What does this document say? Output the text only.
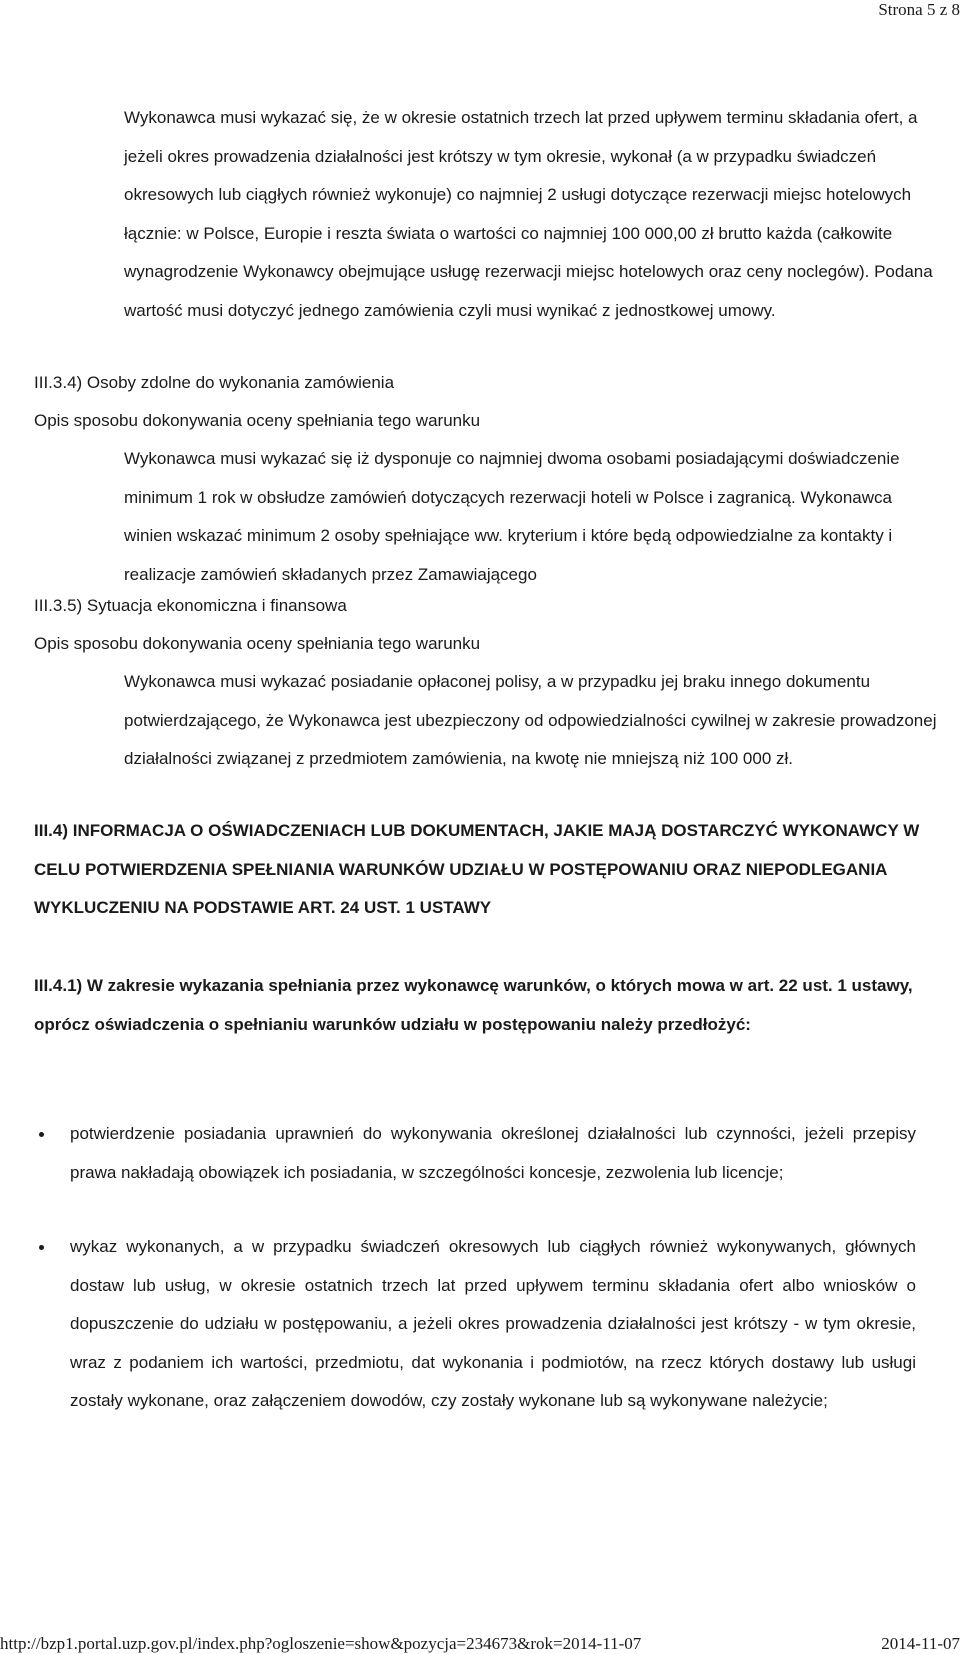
Strona 5 z 8

Wykonawca musi wykazać się, że w okresie ostatnich trzech lat przed upływem terminu składania ofert, a jeżeli okres prowadzenia działalności jest krótszy w tym okresie, wykonał (a w przypadku świadczeń okresowych lub ciągłych również wykonuje) co najmniej 2 usługi dotyczące rezerwacji miejsc hotelowych łącznie: w Polsce, Europie i reszta świata o wartości co najmniej 100 000,00 zł brutto każda (całkowite wynagrodzenie Wykonawcy obejmujące usługę rezerwacji miejsc hotelowych oraz ceny noclegów). Podana wartość musi dotyczyć jednego zamówienia czyli musi wynikać z jednostkowej umowy.

III.3.4) Osoby zdolne do wykonania zamówienia

Opis sposobu dokonywania oceny spełniania tego warunku

Wykonawca musi wykazać się iż dysponuje co najmniej dwoma osobami posiadającymi doświadczenie minimum 1 rok w obsłudze zamówień dotyczących rezerwacji hoteli w Polsce i zagranicą. Wykonawca winien wskazać minimum 2 osoby spełniające ww. kryterium i które będą odpowiedzialne za kontakty i realizacje zamówień składanych przez Zamawiającego

III.3.5) Sytuacja ekonomiczna i finansowa

Opis sposobu dokonywania oceny spełniania tego warunku

Wykonawca musi wykazać posiadanie opłaconej polisy, a w przypadku jej braku innego dokumentu potwierdzającego, że Wykonawca jest ubezpieczony od odpowiedzialności cywilnej w zakresie prowadzonej działalności związanej z przedmiotem zamówienia, na kwotę nie mniejszą niż 100 000 zł.

III.4) INFORMACJA O OŚWIADCZENIACH LUB DOKUMENTACH, JAKIE MAJĄ DOSTARCZYĆ WYKONAWCY W CELU POTWIERDZENIA SPEŁNIANIA WARUNKÓW UDZIAŁU W POSTĘPOWANIU ORAZ NIEPODLEGANIA WYKLUCZENIU NA PODSTAWIE ART. 24 UST. 1 USTAWY

III.4.1) W zakresie wykazania spełniania przez wykonawcę warunków, o których mowa w art. 22 ust. 1 ustawy, oprócz oświadczenia o spełnianiu warunków udziału w postępowaniu należy przedłożyć:

potwierdzenie posiadania uprawnień do wykonywania określonej działalności lub czynności, jeżeli przepisy prawa nakładają obowiązek ich posiadania, w szczególności koncesje, zezwolenia lub licencje;
wykaz wykonanych, a w przypadku świadczeń okresowych lub ciągłych również wykonywanych, głównych dostaw lub usług, w okresie ostatnich trzech lat przed upływem terminu składania ofert albo wniosków o dopuszczenie do udziału w postępowaniu, a jeżeli okres prowadzenia działalności jest krótszy - w tym okresie, wraz z podaniem ich wartości, przedmiotu, dat wykonania i podmiotów, na rzecz których dostawy lub usługi zostały wykonane, oraz załączeniem dowodów, czy zostały wykonane lub są wykonywane należycie;
http://bzp1.portal.uzp.gov.pl/index.php?ogloszenie=show&pozycja=234673&rok=2014-11-07	2014-11-07
